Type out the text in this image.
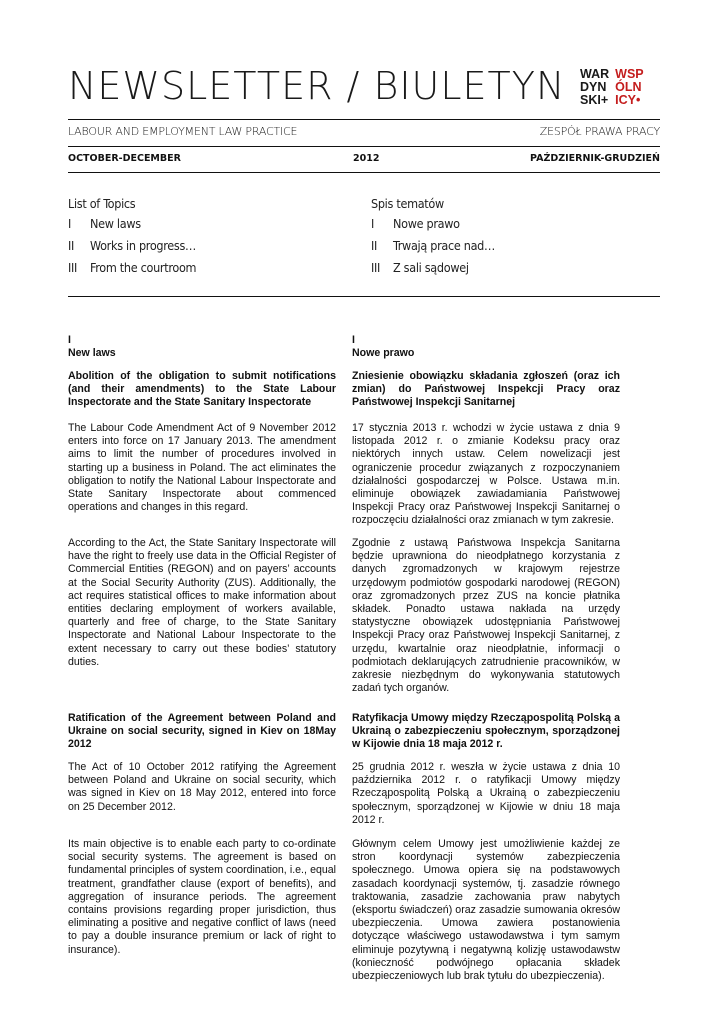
NEWSLETTER / BIULETYN WAR
DYN
SKI+
WSP
ÓLN
ICY•
LABOUR AND EMPLOYMENT LAW PRACTICE	ZESPÓŁ PRAWA PRACY
OCTOBER-DECEMBER	2012	PAŹDZIERNIK-GRUDZIEŃ
List of Topics
I	New laws
II	Works in progress…
III	From the courtroom
Spis tematów
I	Nowe prawo
II	Trwają prace nad…
III	Z sali sądowej
I
New laws

Abolition of the obligation to submit notifications (and their amendments) to the State Labour Inspectorate and the State Sanitary Inspectorate

The Labour Code Amendment Act of 9 November 2012 enters into force on 17 January 2013. The amendment aims to limit the number of procedures involved in starting up a business in Poland. The act eliminates the obligation to notify the National Labour Inspectorate and State Sanitary Inspectorate about commenced operations and changes in this regard.

According to the Act, the State Sanitary Inspectorate will have the right to freely use data in the Official Register of Commercial Entities (REGON) and on payers’ accounts at the Social Security Authority (ZUS). Additionally, the act requires statistical offices to make information about entities declaring employment of workers available, quarterly and free of charge, to the State Sanitary Inspectorate and National Labour Inspectorate to the extent necessary to carry out these bodies’ statutory duties.

Ratification of the Agreement between Poland and Ukraine on social security, signed in Kiev on 18May 2012

The Act of 10 October 2012 ratifying the Agreement between Poland and Ukraine on social security, which was signed in Kiev on 18 May 2012, entered into force on 25 December 2012.

Its main objective is to enable each party to co-ordinate social security systems. The agreement is based on fundamental principles of system coordination, i.e., equal treatment, grandfather clause (export of benefits), and aggregation of insurance periods. The agreement contains provisions regarding proper jurisdiction, thus eliminating a positive and negative conflict of laws (need to pay a double insurance premium or lack of right to insurance).

I
Nowe prawo

Zniesienie obowiązku składania zgłoszeń (oraz ich zmian) do Państwowej Inspekcji Pracy oraz Państwowej Inspekcji Sanitarnej

17 stycznia 2013 r. wchodzi w życie ustawa z dnia 9 listopada 2012 r. o zmianie Kodeksu pracy oraz niektórych innych ustaw. Celem nowelizacji jest ograniczenie procedur związanych z rozpoczynaniem działalności gospodarczej w Polsce. Ustawa m.in. eliminuje obowiązek zawiadamiania Państwowej Inspekcji Pracy oraz Państwowej Inspekcji Sanitarnej o rozpoczęciu działalności oraz zmianach w tym zakresie.

Zgodnie z ustawą Państwowa Inspekcja Sanitarna będzie uprawniona do nieodpłatnego korzystania z danych zgromadzonych w krajowym rejestrze urzędowym podmiotów gospodarki narodowej (REGON) oraz zgromadzonych przez ZUS na koncie płatnika składek. Ponadto ustawa nakłada na urzędy statystyczne obowiązek udostępniania Państwowej Inspekcji Pracy oraz Państwowej Inspekcji Sanitarnej, z urzędu, kwartalnie oraz nieodpłatnie, informacji o podmiotach deklarujących zatrudnienie pracowników, w zakresie niezbędnym do wykonywania statutowych zadań tych organów.

Ratyfikacja Umowy między Rzecząpospolitą Polską a Ukrainą o zabezpieczeniu społecznym, sporządzonej w Kijowie dnia 18 maja 2012 r.

25 grudnia 2012 r. weszła w życie ustawa z dnia 10 października 2012 r. o ratyfikacji Umowy między Rzecząpospolitą Polską a Ukrainą o zabezpieczeniu społecznym, sporządzonej w Kijowie w dniu 18 maja 2012 r.

Głównym celem Umowy jest umożliwienie każdej ze stron koordynacji systemów zabezpieczenia społecznego. Umowa opiera się na podstawowych zasadach koordynacji systemów, tj. zasadzie równego traktowania, zasadzie zachowania praw nabytych (eksportu świadczeń) oraz zasadzie sumowania okresów ubezpieczenia. Umowa zawiera postanowienia dotyczące właściwego ustawodawstwa i tym samym eliminuje pozytywną i negatywną kolizję ustawodawstw (konieczność podwójnego opłacania składek ubezpieczeniowych lub brak tytułu do ubezpieczenia).
